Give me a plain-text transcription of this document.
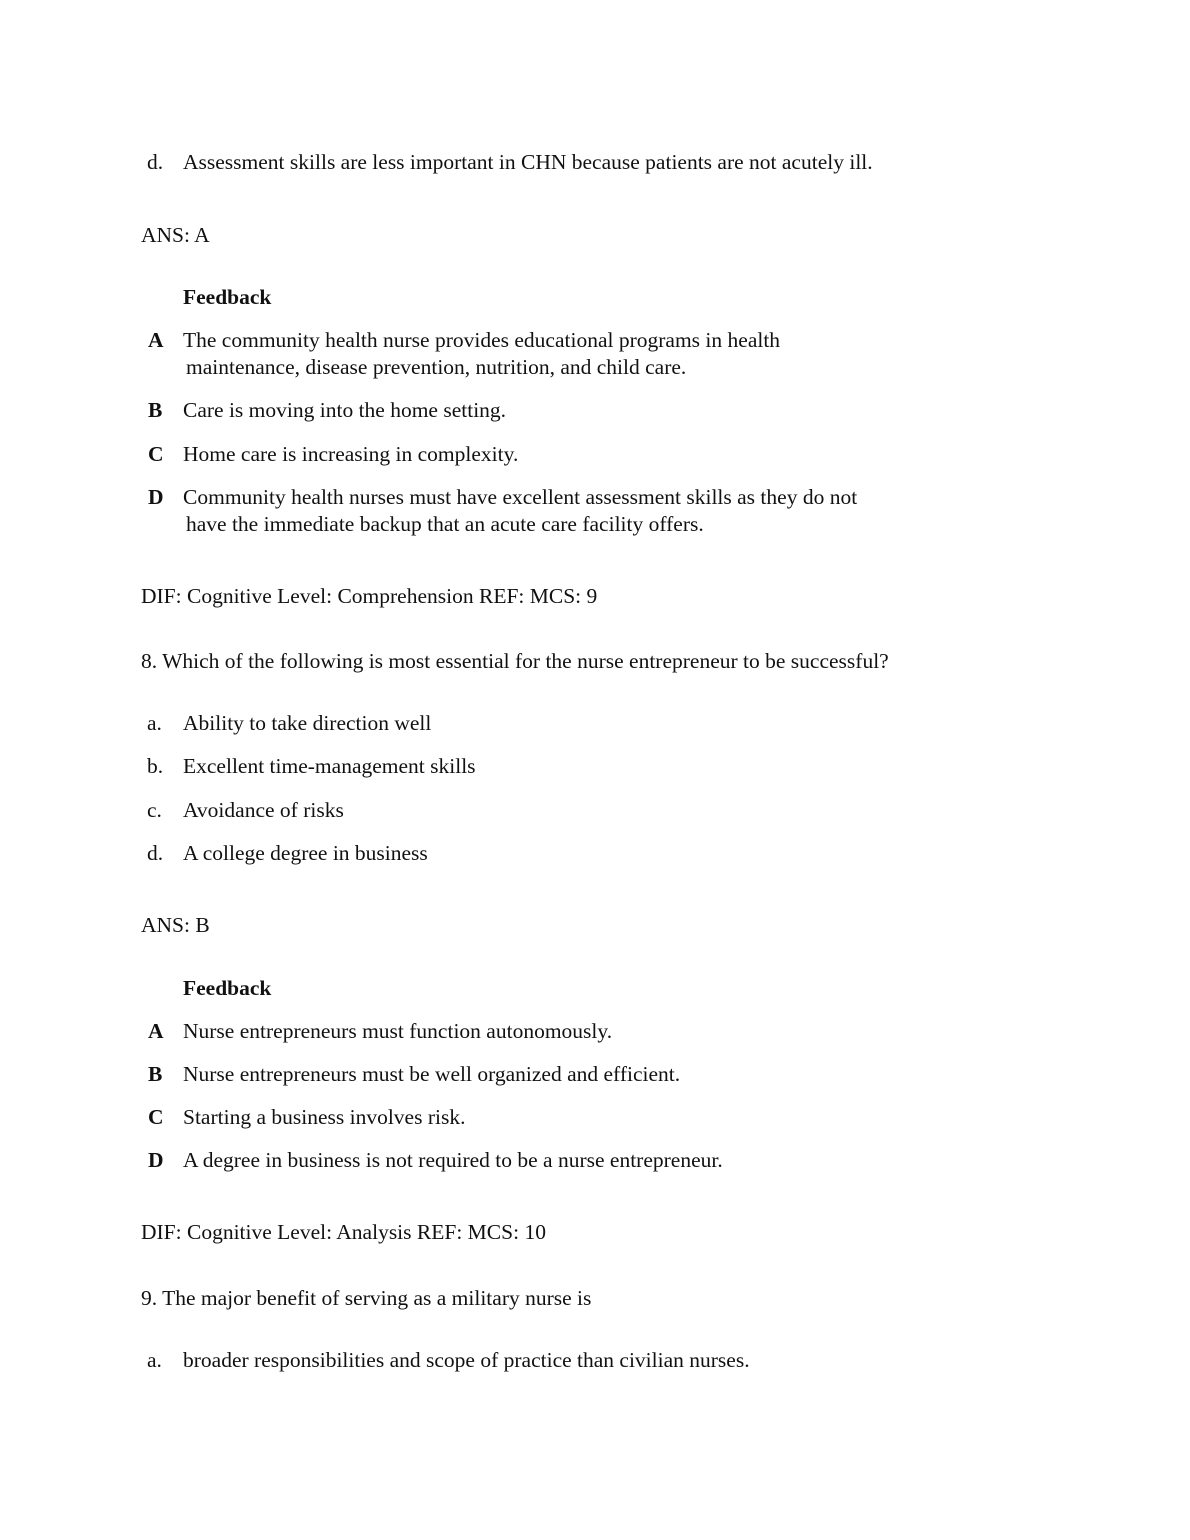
d. Assessment skills are less important in CHN because patients are not acutely ill.
ANS: A
Feedback
A The community health nurse provides educational programs in health
maintenance, disease prevention, nutrition, and child care.
B Care is moving into the home setting.
C Home care is increasing in complexity.
D Community health nurses must have excellent assessment skills as they do not
have the immediate backup that an acute care facility offers.
DIF: Cognitive Level: Comprehension REF: MCS: 9
8. Which of the following is most essential for the nurse entrepreneur to be successful?
a. Ability to take direction well
b. Excellent time-management skills
c. Avoidance of risks
d. A college degree in business
ANS: B
Feedback
A Nurse entrepreneurs must function autonomously.
B Nurse entrepreneurs must be well organized and efficient.
C Starting a business involves risk.
D A degree in business is not required to be a nurse entrepreneur.
DIF: Cognitive Level: Analysis REF: MCS: 10
9. The major benefit of serving as a military nurse is
a. broader responsibilities and scope of practice than civilian nurses.
